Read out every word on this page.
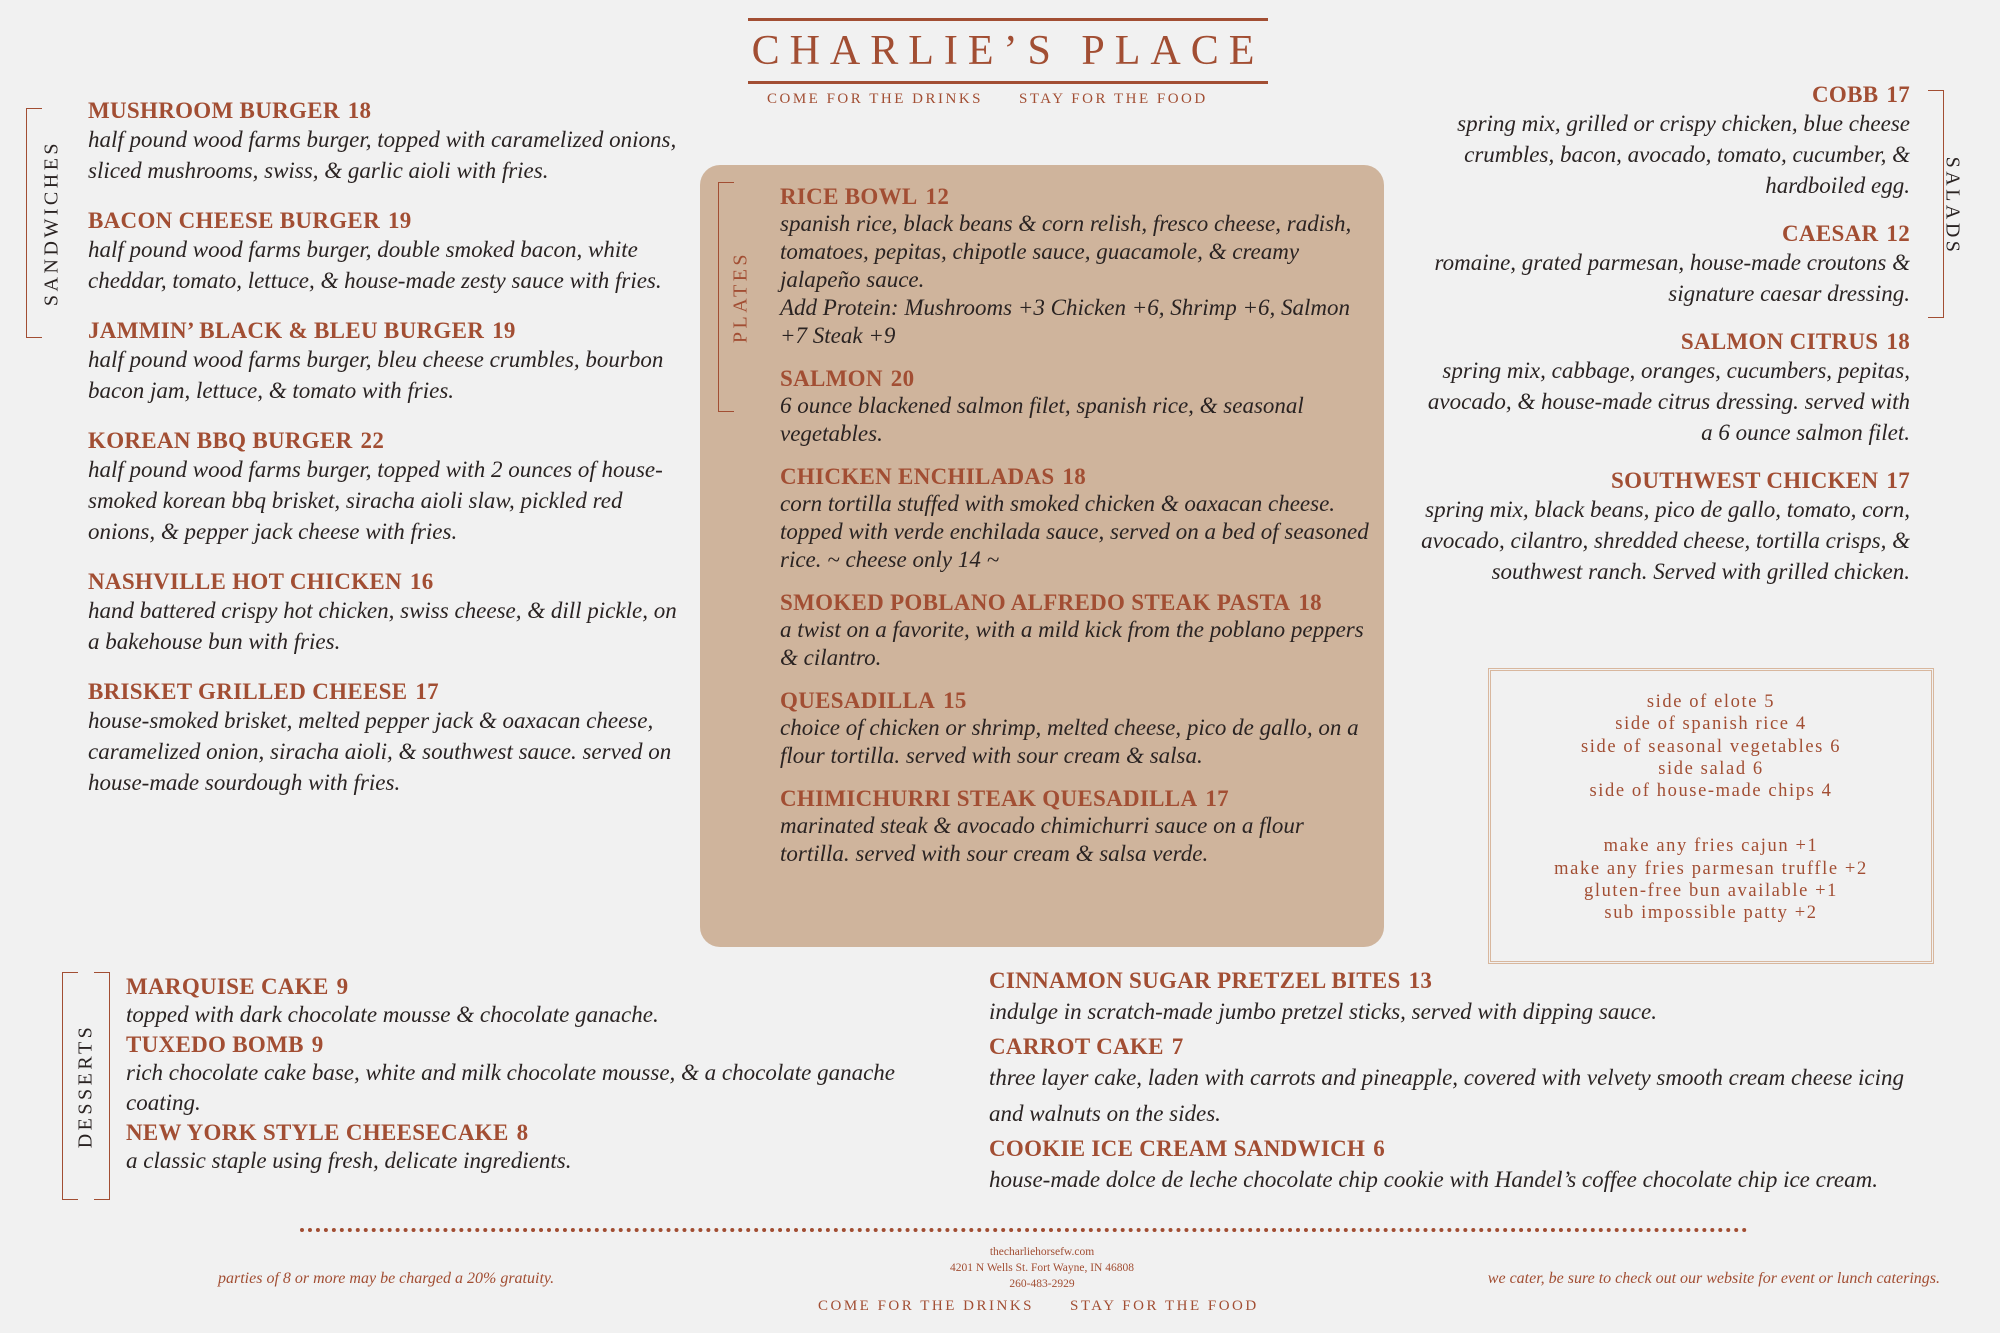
CHARLIE’S PLACE
COME FOR THE DRINKS STAY FOR THE FOOD
SANDWICHES
MUSHROOM BURGER 18
half pound wood farms burger, topped with caramelized onions, sliced mushrooms, swiss, & garlic aioli with fries.
BACON CHEESE BURGER 19
half pound wood farms burger, double smoked bacon, white cheddar, tomato, lettuce, & house-made zesty sauce with fries.
JAMMIN’ BLACK & BLEU BURGER 19
half pound wood farms burger, bleu cheese crumbles, bourbon bacon jam, lettuce, & tomato with fries.
KOREAN BBQ BURGER 22
half pound wood farms burger, topped with 2 ounces of house-smoked korean bbq brisket, siracha aioli slaw, pickled red onions, & pepper jack cheese with fries.
NASHVILLE HOT CHICKEN 16
hand battered crispy hot chicken, swiss cheese, & dill pickle, on a bakehouse bun with fries.
BRISKET GRILLED CHEESE 17
house-smoked brisket, melted pepper jack & oaxacan cheese, caramelized onion, siracha aioli, & southwest sauce. served on house-made sourdough with fries.
PLATES
RICE BOWL 12
spanish rice, black beans & corn relish, fresco cheese, radish, tomatoes, pepitas, chipotle sauce, guacamole, & creamy jalapeño sauce.
Add Protein: Mushrooms +3 Chicken +6, Shrimp +6, Salmon +7 Steak +9
SALMON 20
6 ounce blackened salmon filet, spanish rice, & seasonal vegetables.
CHICKEN ENCHILADAS 18
corn tortilla stuffed with smoked chicken & oaxacan cheese. topped with verde enchilada sauce, served on a bed of seasoned rice. ~ cheese only 14 ~
SMOKED POBLANO ALFREDO STEAK PASTA 18
a twist on a favorite, with a mild kick from the poblano peppers & cilantro.
QUESADILLA 15
choice of chicken or shrimp, melted cheese, pico de gallo, on a flour tortilla. served with sour cream & salsa.
CHIMICHURRI STEAK QUESADILLA 17
marinated steak & avocado chimichurri sauce on a flour tortilla. served with sour cream & salsa verde.
SALADS
COBB 17
spring mix, grilled or crispy chicken, blue cheese crumbles, bacon, avocado, tomato, cucumber, & hardboiled egg.
CAESAR 12
romaine, grated parmesan, house-made croutons & signature caesar dressing.
SALMON CITRUS 18
spring mix, cabbage, oranges, cucumbers, pepitas, avocado, & house-made citrus dressing. served with a 6 ounce salmon filet.
SOUTHWEST CHICKEN 17
spring mix, black beans, pico de gallo, tomato, corn, avocado, cilantro, shredded cheese, tortilla crisps, & southwest ranch. Served with grilled chicken.
side of elote 5
side of spanish rice 4
side of seasonal vegetables 6
side salad 6
side of house-made chips 4
make any fries cajun +1
make any fries parmesan truffle +2
gluten-free bun available +1
sub impossible patty +2
DESSERTS
MARQUISE CAKE 9
topped with dark chocolate mousse & chocolate ganache.
TUXEDO BOMB 9
rich chocolate cake base, white and milk chocolate mousse, & a chocolate ganache coating.
NEW YORK STYLE CHEESECAKE 8
a classic staple using fresh, delicate ingredients.
CINNAMON SUGAR PRETZEL BITES 13
indulge in scratch-made jumbo pretzel sticks, served with dipping sauce.
CARROT CAKE 7
three layer cake, laden with carrots and pineapple, covered with velvety smooth cream cheese icing and walnuts on the sides.
COOKIE ICE CREAM SANDWICH 6
house-made dolce de leche chocolate chip cookie with Handel’s coffee chocolate chip ice cream.
thecharliehorsefw.com
4201 N Wells St. Fort Wayne, IN 46808
260-483-2929
parties of 8 or more may be charged a 20% gratuity.	we cater, be sure to check out our website for event or lunch caterings.
COME FOR THE DRINKS STAY FOR THE FOOD
